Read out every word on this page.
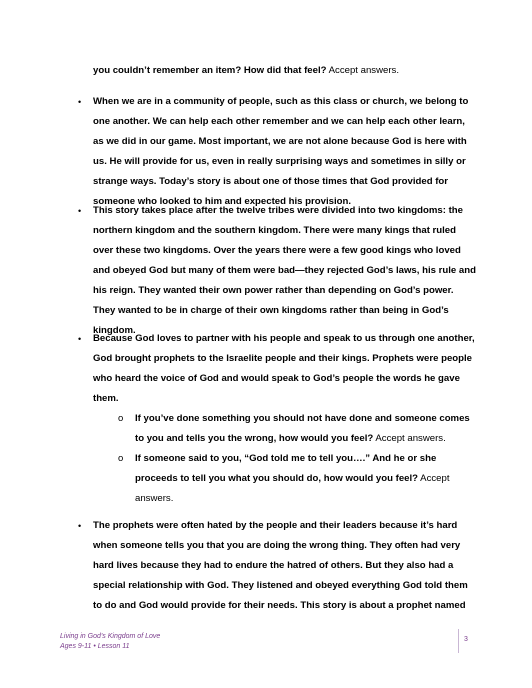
you couldn’t remember an item? How did that feel? Accept answers.
• When we are in a community of people, such as this class or church, we belong to one another. We can help each other remember and we can help each other learn, as we did in our game. Most important, we are not alone because God is here with us. He will provide for us, even in really surprising ways and sometimes in silly or strange ways. Today’s story is about one of those times that God provided for someone who looked to him and expected his provision.
• This story takes place after the twelve tribes were divided into two kingdoms: the northern kingdom and the southern kingdom. There were many kings that ruled over these two kingdoms. Over the years there were a few good kings who loved and obeyed God but many of them were bad—they rejected God’s laws, his rule and his reign. They wanted their own power rather than depending on God’s power. They wanted to be in charge of their own kingdoms rather than being in God’s kingdom.
• Because God loves to partner with his people and speak to us through one another, God brought prophets to the Israelite people and their kings. Prophets were people who heard the voice of God and would speak to God’s people the words he gave them.
o If you’ve done something you should not have done and someone comes to you and tells you the wrong, how would you feel? Accept answers.
o If someone said to you, “God told me to tell you….” And he or she proceeds to tell you what you should do, how would you feel? Accept answers.
• The prophets were often hated by the people and their leaders because it’s hard when someone tells you that you are doing the wrong thing. They often had very hard lives because they had to endure the hatred of others. But they also had a special relationship with God. They listened and obeyed everything God told them to do and God would provide for their needs. This story is about a prophet named
Living in God’s Kingdom of Love
Ages 9-11 • Lesson 11
3
